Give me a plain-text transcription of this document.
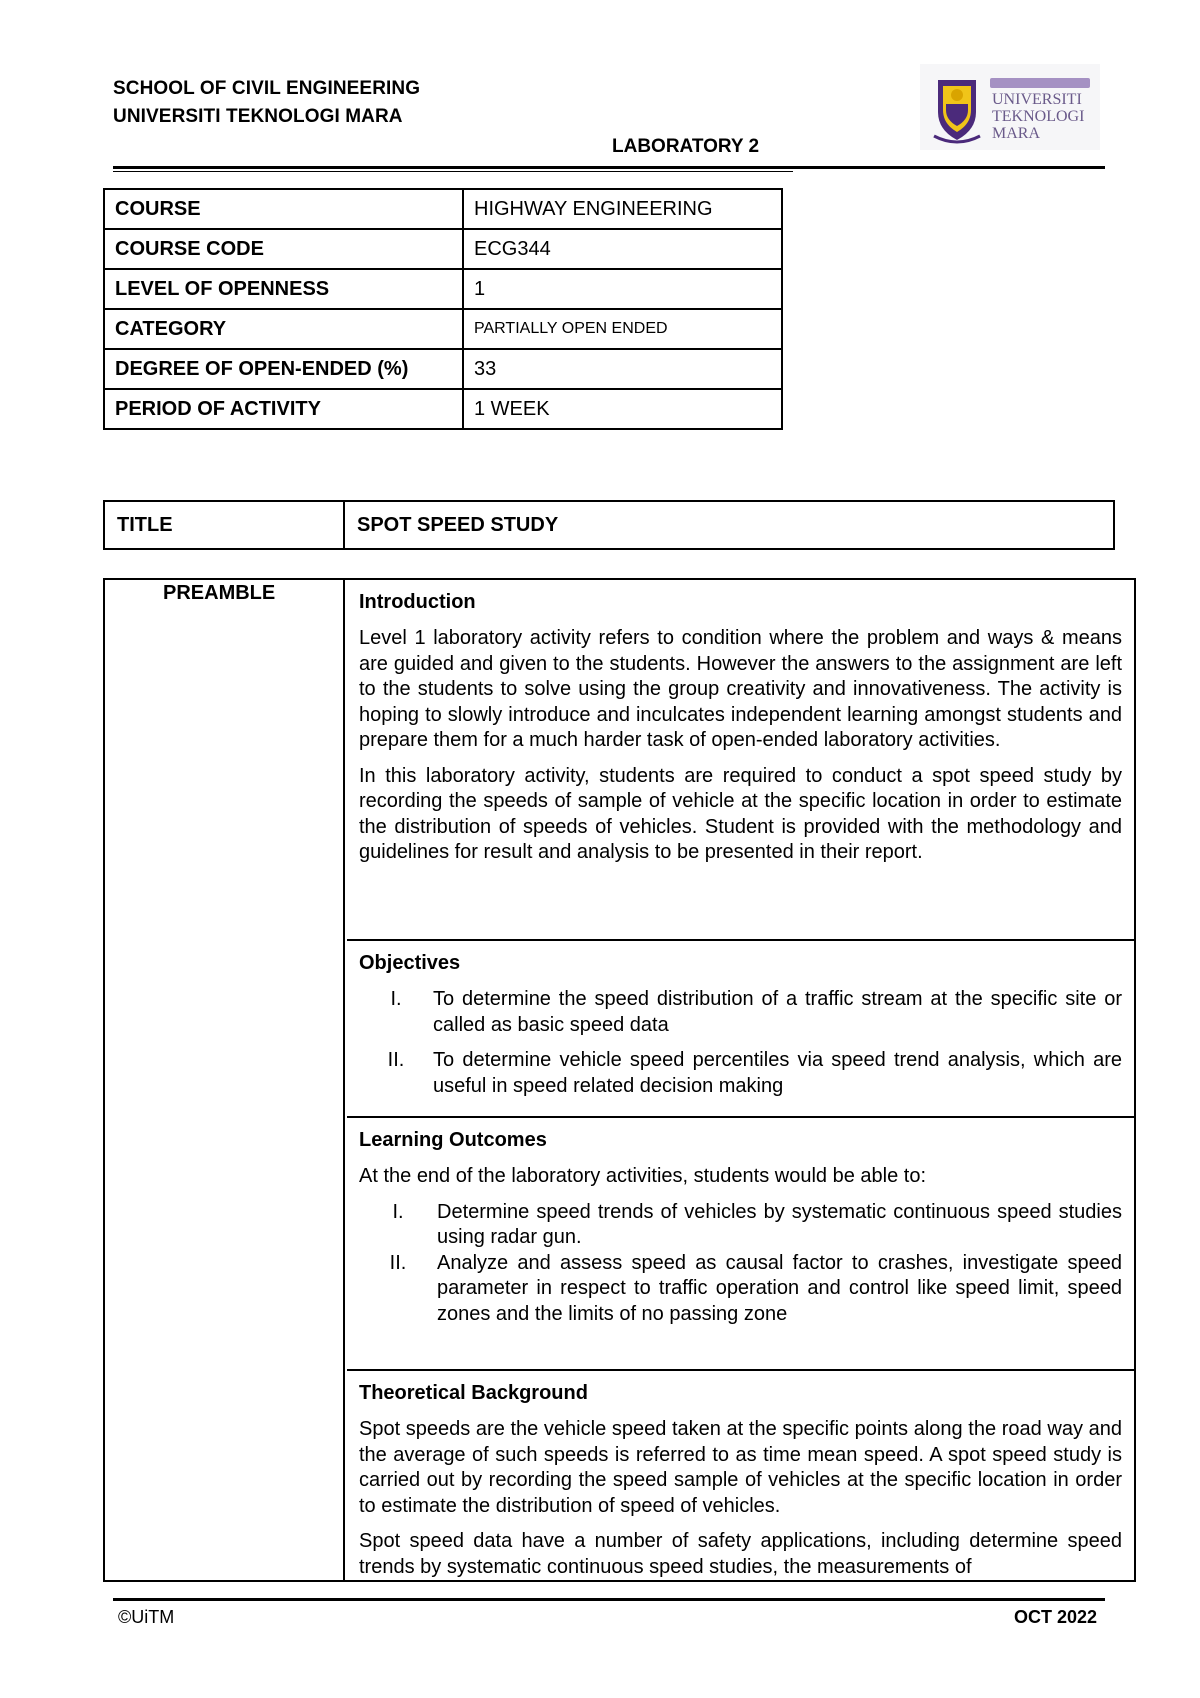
SCHOOL OF CIVIL ENGINEERING
UNIVERSITI TEKNOLOGI MARA
LABORATORY 2
UNIVERSITI
TEKNOLOGI
MARA
COURSE	HIGHWAY ENGINEERING
COURSE CODE	ECG344
LEVEL OF OPENNESS	1
CATEGORY	PARTIALLY OPEN ENDED
DEGREE OF OPEN-ENDED (%)	33
PERIOD OF ACTIVITY	1 WEEK
TITLE	SPOT SPEED STUDY
PREAMBLE	Introduction

Level 1 laboratory activity refers to condition where the problem and ways & means are guided and given to the students. However the answers to the assignment are left to the students to solve using the group creativity and innovativeness. The activity is hoping to slowly introduce and inculcates independent learning amongst students and prepare them for a much harder task of open-ended laboratory activities.

In this laboratory activity, students are required to conduct a spot speed study by recording the speeds of sample of vehicle at the specific location in order to estimate the distribution of speeds of vehicles. Student is provided with the methodology and guidelines for result and analysis to be presented in their report.

Objectives
I.	To determine the speed distribution of a traffic stream at the specific site or called as basic speed data
II.	To determine vehicle speed percentiles via speed trend analysis, which are useful in speed related decision making
Learning Outcomes

At the end of the laboratory activities, students would be able to:

I.	Determine speed trends of vehicles by systematic continuous speed studies using radar gun.
II.	Analyze and assess speed as causal factor to crashes, investigate speed parameter in respect to traffic operation and control like speed limit, speed zones and the limits of no passing zone
Theoretical Background

Spot speeds are the vehicle speed taken at the specific points along the road way and the average of such speeds is referred to as time mean speed. A spot speed study is carried out by recording the speed sample of vehicles at the specific location in order to estimate the distribution of speed of vehicles.

Spot speed data have a number of safety applications, including determine speed trends by systematic continuous speed studies, the measurements of

©UiTM	OCT 2022
